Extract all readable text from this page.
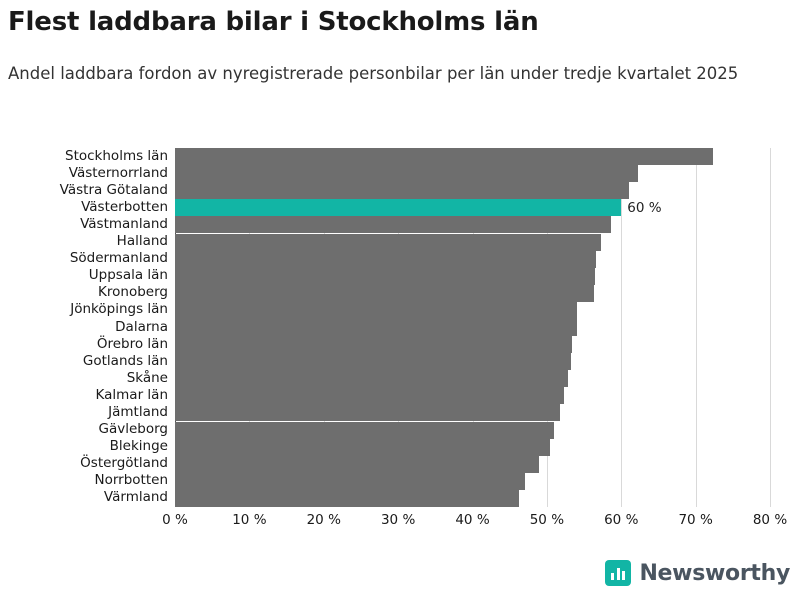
Flest laddbara bilar i Stockholms län
Andel laddbara fordon av nyregistrerade personbilar per län under tredje kvartalet 2025
Stockholms län
Västernorrland
Västra Götaland
Västerbotten
Västmanland
Halland
Södermanland
Uppsala län
Kronoberg
Jönköpings län
Dalarna
Örebro län
Gotlands län
Skåne
Kalmar län
Jämtland
Gävleborg
Blekinge
Östergötland
Norrbotten
Värmland
60 %
0 %	10 %	20 %	30 %	40 %	50 %	60 %	70 %	80 %
Newsworthy
